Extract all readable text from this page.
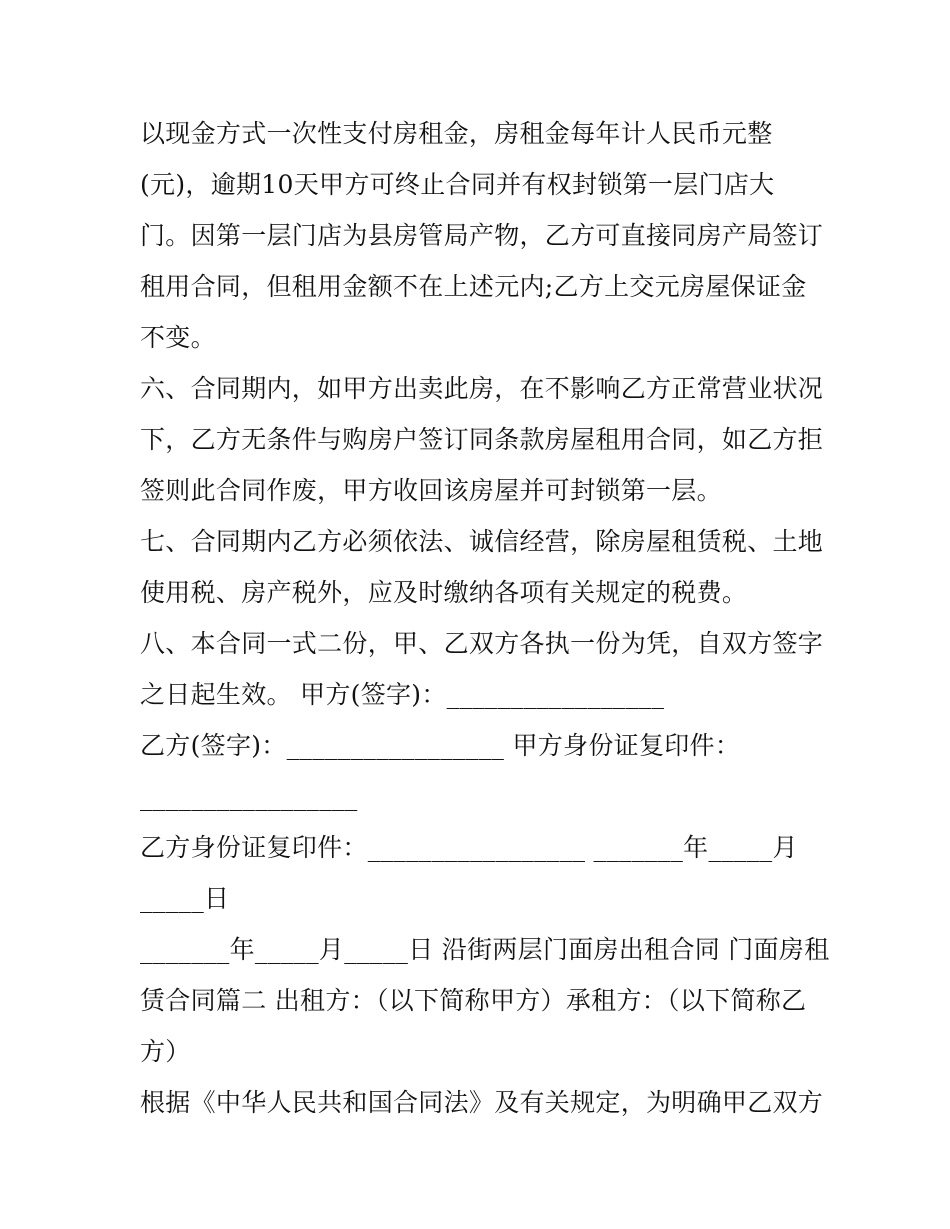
以现金方式一次性支付房租金，房租金每年计人民币元整
(元)，逾期10天甲方可终止合同并有权封锁第一层门店大
门。因第一层门店为县房管局产物，乙方可直接同房产局签订
租用合同，但租用金额不在上述元内;乙方上交元房屋保证金
不变。
六、合同期内，如甲方出卖此房，在不影响乙方正常营业状况
下，乙方无条件与购房户签订同条款房屋租用合同，如乙方拒
签则此合同作废，甲方收回该房屋并可封锁第一层。
七、合同期内乙方必须依法、诚信经营，除房屋租赁税、土地
使用税、房产税外，应及时缴纳各项有关规定的税费。
八、本合同一式二份，甲、乙双方各执一份为凭，自双方签字
之日起生效。 甲方(签字)：_________________
乙方(签字)：_________________ 甲方身份证复印件：
_________________
乙方身份证复印件：_________________ _______年_____月
_____日
_______年_____月_____日 沿街两层门面房出租合同 门面房租
赁合同篇二 出租方：（以下简称甲方）承租方：（以下简称乙
方）
根据《中华人民共和国合同法》及有关规定，为明确甲乙双方
